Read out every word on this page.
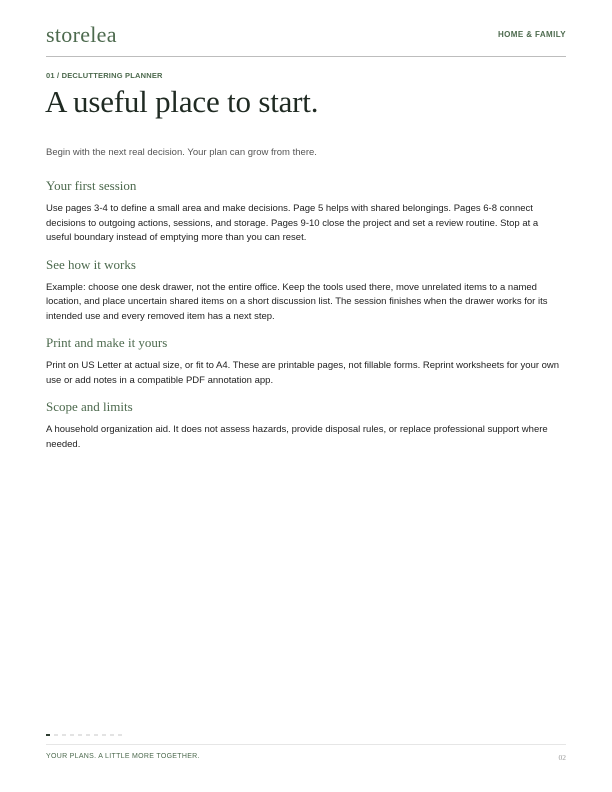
storelea	HOME & FAMILY
01 / DECLUTTERING PLANNER
A useful place to start.
Begin with the next real decision. Your plan can grow from there.
Your first session

Use pages 3-4 to define a small area and make decisions. Page 5 helps with shared belongings. Pages 6-8 connect decisions to outgoing actions, sessions, and storage. Pages 9-10 close the project and set a review routine. Stop at a useful boundary instead of emptying more than you can reset.

See how it works

Example: choose one desk drawer, not the entire office. Keep the tools used there, move unrelated items to a named location, and place uncertain shared items on a short discussion list. The session finishes when the drawer works for its intended use and every removed item has a next step.

Print and make it yours

Print on US Letter at actual size, or fit to A4. These are printable pages, not fillable forms. Reprint worksheets for your own use or add notes in a compatible PDF annotation app.

Scope and limits

A household organization aid. It does not assess hazards, provide disposal rules, or replace professional support where needed.

YOUR PLANS. A LITTLE MORE TOGETHER.	02
